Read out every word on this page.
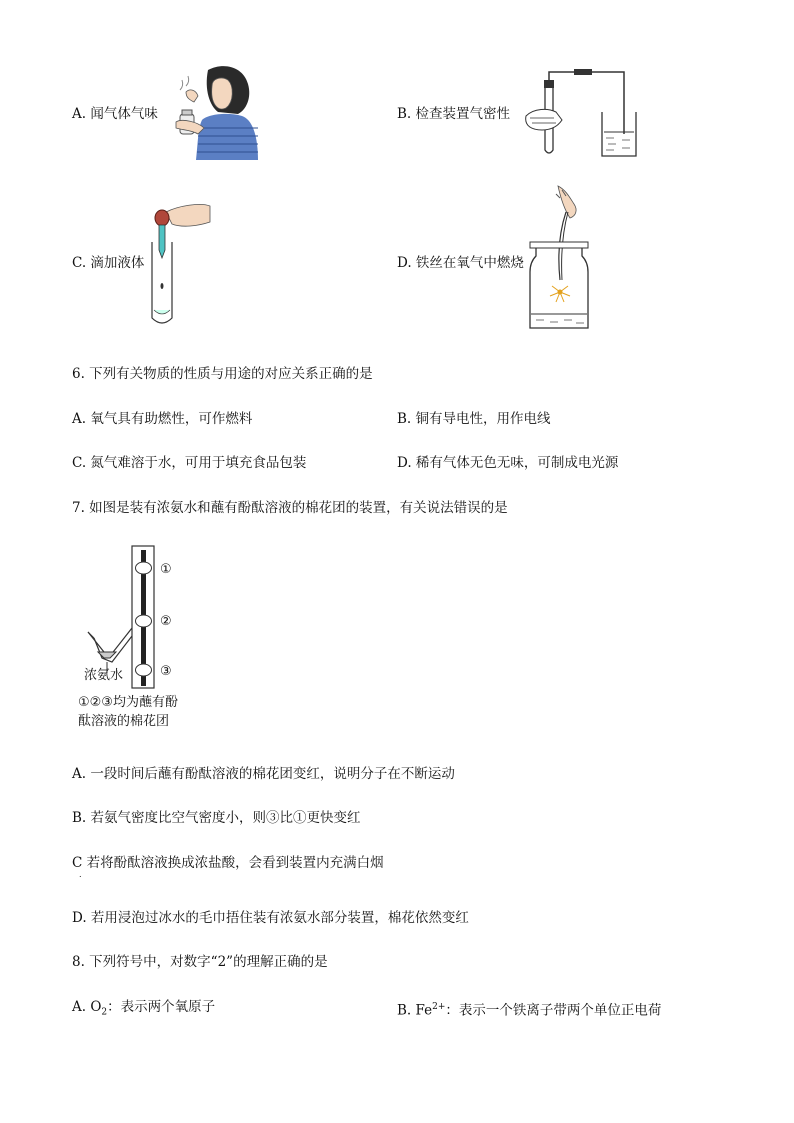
A. 闻气体气味	B. 检查装置气密性
C. 滴加液体	D. 铁丝在氧气中燃烧
6. 下列有关物质的性质与用途的对应关系正确的是
A. 氧气具有助燃性，可作燃料	B. 铜有导电性，用作电线
C. 氮气难溶于水，可用于填充食品包装	D. 稀有气体无色无味，可制成电光源
7. 如图是装有浓氨水和蘸有酚酞溶液的棉花团的装置，有关说法错误的是
①
②
③
浓氨水
①②③均为蘸有酚
酞溶液的棉花团
A. 一段时间后蘸有酚酞溶液的棉花团变红，说明分子在不断运动
B. 若氨气密度比空气密度小，则③比①更快变红
C 若将酚酞溶液换成浓盐酸，会看到装置内充满白烟
.
D. 若用浸泡过冰水的毛巾捂住装有浓氨水部分装置，棉花依然变红
8. 下列符号中，对数字“2”的理解正确的是
A. $O_2$：表示两个氧原子	B. $Fe^{2+}$：表示一个铁离子带两个单位正电荷
